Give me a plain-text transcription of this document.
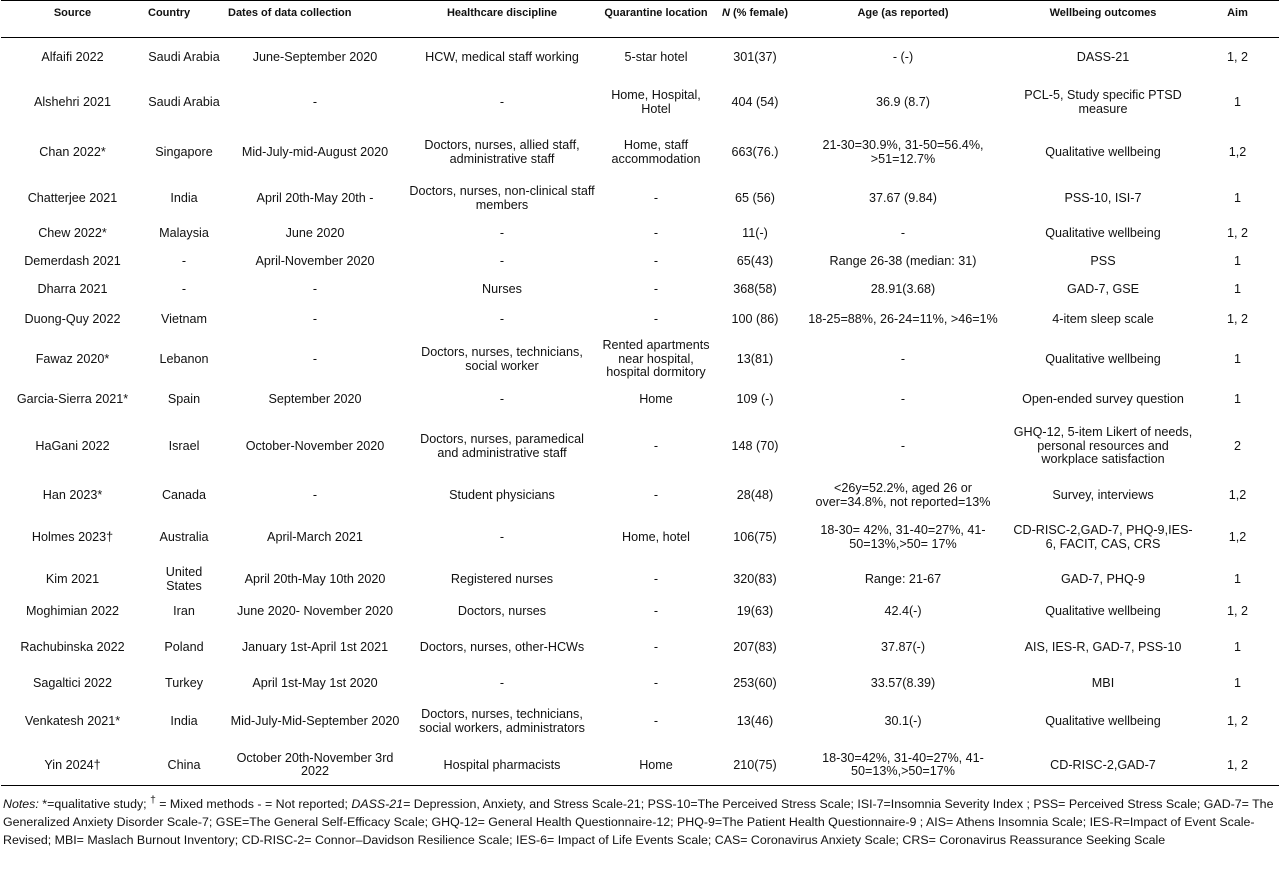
Source	Country	Dates of data collection	Healthcare discipline	Quarantine location	N (% female)	Age (as reported)	Wellbeing outcomes	Aim
Alfaifi 2022	Saudi Arabia	June-September 2020	HCW, medical staff working	5-star hotel	301(37)	- (-)	DASS-21	1, 2
Alshehri 2021	Saudi Arabia	-	-	Home, Hospital, Hotel	404 (54)	36.9 (8.7)	PCL-5, Study specific PTSD measure	1
Chan 2022*	Singapore	Mid-July-mid-August 2020	Doctors, nurses, allied staff, administrative staff	Home, staff accommodation	663(76.)	21-30=30.9%, 31-50=56.4%, >51=12.7%	Qualitative wellbeing	1,2
Chatterjee 2021	India	April 20th-May 20th -	Doctors, nurses, non-clinical staff members	-	65 (56)	37.67 (9.84)	PSS-10, ISI-7	1
Chew 2022*	Malaysia	June 2020	-	-	11(-)	-	Qualitative wellbeing	1, 2
Demerdash 2021	-	April-November 2020	-	-	65(43)	Range 26-38 (median: 31)	PSS	1
Dharra 2021	-	-	Nurses	-	368(58)	28.91(3.68)	GAD-7, GSE	1
Duong-Quy 2022	Vietnam	-	-	-	100 (86)	18-25=88%, 26-24=11%, >46=1%	4-item sleep scale	1, 2
Fawaz 2020*	Lebanon	-	Doctors, nurses, technicians, social worker	Rented apartments near hospital, hospital dormitory	13(81)	-	Qualitative wellbeing	1
Garcia-Sierra 2021*	Spain	September 2020	-	Home	109 (-)	-	Open-ended survey question	1
HaGani 2022	Israel	October-November 2020	Doctors, nurses, paramedical and administrative staff	-	148 (70)	-	GHQ-12, 5-item Likert of needs, personal resources and workplace satisfaction	2
Han 2023*	Canada	-	Student physicians	-	28(48)	<26y=52.2%, aged 26 or over=34.8%, not reported=13%	Survey, interviews	1,2
Holmes 2023†	Australia	April-March 2021	-	Home, hotel	106(75)	18-30= 42%, 31-40=27%, 41-50=13%,>50= 17%	CD-RISC-2,GAD-7, PHQ-9,IES-6, FACIT, CAS, CRS	1,2
Kim 2021	United States	April 20th-May 10th 2020	Registered nurses	-	320(83)	Range: 21-67	GAD-7, PHQ-9	1
Moghimian 2022	Iran	June 2020- November 2020	Doctors, nurses	-	19(63)	42.4(-)	Qualitative wellbeing	1, 2
Rachubinska 2022	Poland	January 1st-April 1st 2021	Doctors, nurses, other-HCWs	-	207(83)	37.87(-)	AIS, IES-R, GAD-7, PSS-10	1
Sagaltici 2022	Turkey	April 1st-May 1st 2020	-	-	253(60)	33.57(8.39)	MBI	1
Venkatesh 2021*	India	Mid-July-Mid-September 2020	Doctors, nurses, technicians, social workers, administrators	-	13(46)	30.1(-)	Qualitative wellbeing	1, 2
Yin 2024†	China	October 20th-November 3rd 2022	Hospital pharmacists	Home	210(75)	18-30=42%, 31-40=27%, 41-50=13%,>50=17%	CD-RISC-2,GAD-7	1, 2
Notes: *=qualitative study; † = Mixed methods - = Not reported; DASS-21= Depression, Anxiety, and Stress Scale-21; PSS-10=The Perceived Stress Scale; ISI-7=Insomnia Severity Index ; PSS= Perceived Stress Scale; GAD-7= The Generalized Anxiety Disorder Scale-7; GSE=The General Self-Efficacy Scale; GHQ-12= General Health Questionnaire-12; PHQ-9=The Patient Health Questionnaire-9 ; AIS= Athens Insomnia Scale; IES-R=Impact of Event Scale-Revised; MBI= Maslach Burnout Inventory; CD-RISC-2= Connor–Davidson Resilience Scale; IES-6= Impact of Life Events Scale; CAS= Coronavirus Anxiety Scale; CRS= Coronavirus Reassurance Seeking Scale
